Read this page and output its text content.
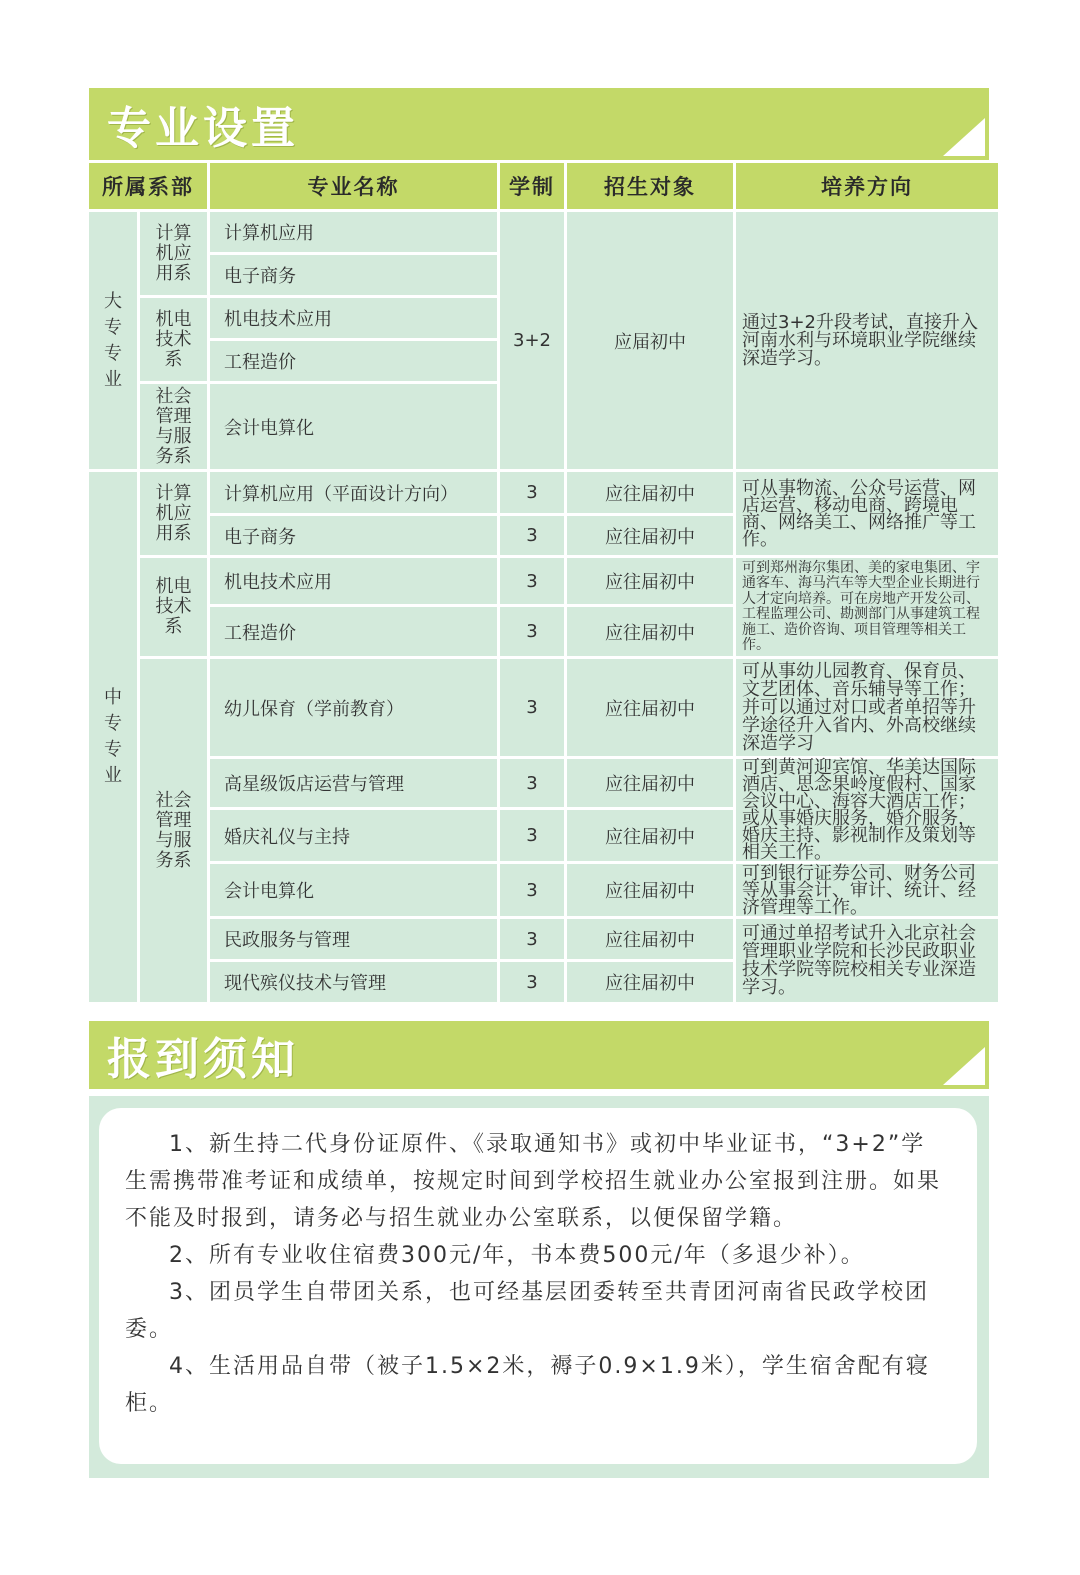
专业设置
所属系部		专业名称	学制	招生对象	培养方向

大专专业	计算机应用系	计算机应用	3+2	应届初中	通过3+2升段考试，直接升入河南水利与环境职业学院继续深造学习。
		电子商务			

	机电技术系	机电技术应用			
		工程造价			

	社会管理与服务系	会计电算化			

中专专业	计算机应用系	计算机应用（平面设计方向）	3	应往届初中	可从事物流、公众号运营、网店运营、移动电商、跨境电商、网络美工、网络推广等工作。
		电子商务	3	应往届初中	

	机电技术系	机电技术应用	3	应往届初中	可到郑州海尔集团、美的家电集团、宇通客车、海马汽车等大型企业长期进行人才定向培养。可在房地产开发公司、工程监理公司、勘测部门从事建筑工程施工、造价咨询、项目管理等相关工作。
		工程造价	3	应往届初中	

	社会管理与服务系	幼儿保育（学前教育）	3	应往届初中	可从事幼儿园教育、保育员、文艺团体、音乐辅导等工作；并可以通过对口或者单招等升学途径升入省内、外高校继续深造学习
		高星级饭店运营与管理	3	应往届初中	可到黄河迎宾馆、华美达国际酒店、思念果岭度假村、国家会议中心、海容大酒店工作；或从事婚庆服务，婚介服务，婚庆主持、影视制作及策划等相关工作。
		婚庆礼仪与主持	3	应往届初中	
		会计电算化	3	应往届初中	可到银行证券公司、财务公司等从事会计、审计、统计、经济管理等工作。
		民政服务与管理	3	应往届初中	可通过单招考试升入北京社会管理职业学院和长沙民政职业技术学院等院校相关专业深造学习。
		现代殡仪技术与管理	3	应往届初中	
报到须知

1、新生持二代身份证原件、《录取通知书》或初中毕业证书，“3+2”学生需携带准考证和成绩单，按规定时间到学校招生就业办公室报到注册。如果不能及时报到，请务必与招生就业办公室联系，以便保留学籍。

2、所有专业收住宿费300元/年，书本费500元/年（多退少补）。

3、团员学生自带团关系，也可经基层团委转至共青团河南省民政学校团委。

4、生活用品自带（被子1.5×2米，褥子0.9×1.9米），学生宿舍配有寝柜。
